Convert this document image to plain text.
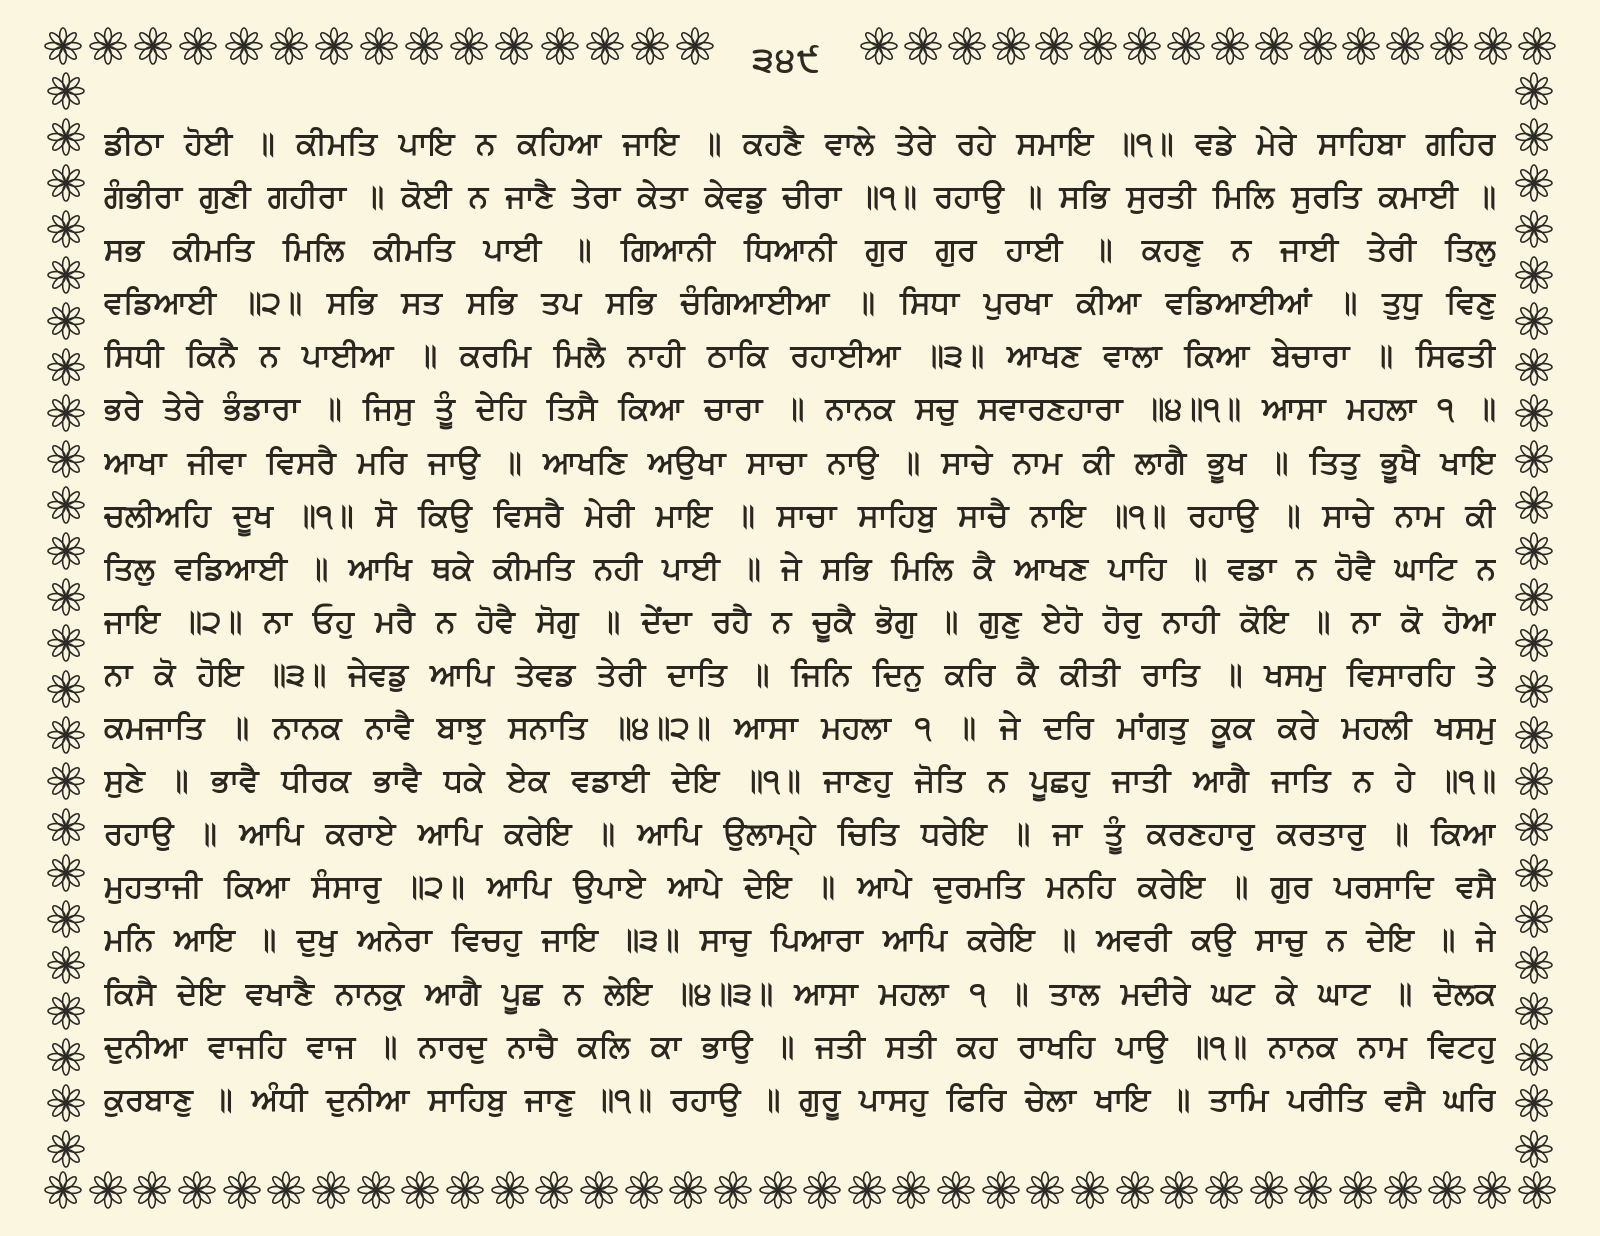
੩੪੯
ਡੀਠਾ ਹੋਈ ॥ ਕੀਮਤਿ ਪਾਇ ਨ ਕਹਿਆ ਜਾਇ ॥ ਕਹਣੈ ਵਾਲੇ ਤੇਰੇ ਰਹੇ ਸਮਾਇ ॥੧॥ ਵਡੇ ਮੇਰੇ ਸਾਹਿਬਾ ਗਹਿਰ
ਗੰਭੀਰਾ ਗੁਣੀ ਗਹੀਰਾ ॥ ਕੋਈ ਨ ਜਾਣੈ ਤੇਰਾ ਕੇਤਾ ਕੇਵਡੁ ਚੀਰਾ ॥੧॥ ਰਹਾਉ ॥ ਸਭਿ ਸੁਰਤੀ ਮਿਲਿ ਸੁਰਤਿ ਕਮਾਈ ॥
ਸਭ ਕੀਮਤਿ ਮਿਲਿ ਕੀਮਤਿ ਪਾਈ ॥ ਗਿਆਨੀ ਧਿਆਨੀ ਗੁਰ ਗੁਰ ਹਾਈ ॥ ਕਹਣੁ ਨ ਜਾਈ ਤੇਰੀ ਤਿਲੁ
ਵਡਿਆਈ ॥੨॥ ਸਭਿ ਸਤ ਸਭਿ ਤਪ ਸਭਿ ਚੰਗਿਆਈਆ ॥ ਸਿਧਾ ਪੁਰਖਾ ਕੀਆ ਵਡਿਆਈਆਂ ॥ ਤੁਧੁ ਵਿਣੁ
ਸਿਧੀ ਕਿਨੈ ਨ ਪਾਈਆ ॥ ਕਰਮਿ ਮਿਲੈ ਨਾਹੀ ਠਾਕਿ ਰਹਾਈਆ ॥੩॥ ਆਖਣ ਵਾਲਾ ਕਿਆ ਬੇਚਾਰਾ ॥ ਸਿਫਤੀ
ਭਰੇ ਤੇਰੇ ਭੰਡਾਰਾ ॥ ਜਿਸੁ ਤੂੰ ਦੇਹਿ ਤਿਸੈ ਕਿਆ ਚਾਰਾ ॥ ਨਾਨਕ ਸਚੁ ਸਵਾਰਣਹਾਰਾ ॥੪॥੧॥ ਆਸਾ ਮਹਲਾ ੧ ॥
ਆਖਾ ਜੀਵਾ ਵਿਸਰੈ ਮਰਿ ਜਾਉ ॥ ਆਖਣਿ ਅਉਖਾ ਸਾਚਾ ਨਾਉ ॥ ਸਾਚੇ ਨਾਮ ਕੀ ਲਾਗੈ ਭੂਖ ॥ ਤਿਤੁ ਭੂਖੈ ਖਾਇ
ਚਲੀਅਹਿ ਦੂਖ ॥੧॥ ਸੋ ਕਿਉ ਵਿਸਰੈ ਮੇਰੀ ਮਾਇ ॥ ਸਾਚਾ ਸਾਹਿਬੁ ਸਾਚੈ ਨਾਇ ॥੧॥ ਰਹਾਉ ॥ ਸਾਚੇ ਨਾਮ ਕੀ
ਤਿਲੁ ਵਡਿਆਈ ॥ ਆਖਿ ਥਕੇ ਕੀਮਤਿ ਨਹੀ ਪਾਈ ॥ ਜੇ ਸਭਿ ਮਿਲਿ ਕੈ ਆਖਣ ਪਾਹਿ ॥ ਵਡਾ ਨ ਹੋਵੈ ਘਾਟਿ ਨ
ਜਾਇ ॥੨॥ ਨਾ ਓਹੁ ਮਰੈ ਨ ਹੋਵੈ ਸੋਗੁ ॥ ਦੇਂਦਾ ਰਹੈ ਨ ਚੂਕੈ ਭੋਗੁ ॥ ਗੁਣੁ ਏਹੋ ਹੋਰੁ ਨਾਹੀ ਕੋਇ ॥ ਨਾ ਕੋ ਹੋਆ
ਨਾ ਕੋ ਹੋਇ ॥੩॥ ਜੇਵਡੁ ਆਪਿ ਤੇਵਡ ਤੇਰੀ ਦਾਤਿ ॥ ਜਿਨਿ ਦਿਨੁ ਕਰਿ ਕੈ ਕੀਤੀ ਰਾਤਿ ॥ ਖਸਮੁ ਵਿਸਾਰਹਿ ਤੇ
ਕਮਜਾਤਿ ॥ ਨਾਨਕ ਨਾਵੈ ਬਾਝੁ ਸਨਾਤਿ ॥੪॥੨॥ ਆਸਾ ਮਹਲਾ ੧ ॥ ਜੇ ਦਰਿ ਮਾਂਗਤੁ ਕੂਕ ਕਰੇ ਮਹਲੀ ਖਸਮੁ
ਸੁਣੇ ॥ ਭਾਵੈ ਧੀਰਕ ਭਾਵੈ ਧਕੇ ਏਕ ਵਡਾਈ ਦੇਇ ॥੧॥ ਜਾਣਹੁ ਜੋਤਿ ਨ ਪੂਛਹੁ ਜਾਤੀ ਆਗੈ ਜਾਤਿ ਨ ਹੇ ॥੧॥
ਰਹਾਉ ॥ ਆਪਿ ਕਰਾਏ ਆਪਿ ਕਰੇਇ ॥ ਆਪਿ ਉਲਾਮ੍ਹੇ ਚਿਤਿ ਧਰੇਇ ॥ ਜਾ ਤੂੰ ਕਰਣਹਾਰੁ ਕਰਤਾਰੁ ॥ ਕਿਆ
ਮੁਹਤਾਜੀ ਕਿਆ ਸੰਸਾਰੁ ॥੨॥ ਆਪਿ ਉਪਾਏ ਆਪੇ ਦੇਇ ॥ ਆਪੇ ਦੁਰਮਤਿ ਮਨਹਿ ਕਰੇਇ ॥ ਗੁਰ ਪਰਸਾਦਿ ਵਸੈ
ਮਨਿ ਆਇ ॥ ਦੁਖੁ ਅਨੇਰਾ ਵਿਚਹੁ ਜਾਇ ॥੩॥ ਸਾਚੁ ਪਿਆਰਾ ਆਪਿ ਕਰੇਇ ॥ ਅਵਰੀ ਕਉ ਸਾਚੁ ਨ ਦੇਇ ॥ ਜੇ
ਕਿਸੈ ਦੇਇ ਵਖਾਣੈ ਨਾਨਕੁ ਆਗੈ ਪੂਛ ਨ ਲੇਇ ॥੪॥੩॥ ਆਸਾ ਮਹਲਾ ੧ ॥ ਤਾਲ ਮਦੀਰੇ ਘਟ ਕੇ ਘਾਟ ॥ ਦੋਲਕ
ਦੁਨੀਆ ਵਾਜਹਿ ਵਾਜ ॥ ਨਾਰਦੁ ਨਾਚੈ ਕਲਿ ਕਾ ਭਾਉ ॥ ਜਤੀ ਸਤੀ ਕਹ ਰਾਖਹਿ ਪਾਉ ॥੧॥ ਨਾਨਕ ਨਾਮ ਵਿਟਹੁ
ਕੁਰਬਾਣੁ ॥ ਅੰਧੀ ਦੁਨੀਆ ਸਾਹਿਬੁ ਜਾਣੁ ॥੧॥ ਰਹਾਉ ॥ ਗੁਰੂ ਪਾਸਹੁ ਫਿਰਿ ਚੇਲਾ ਖਾਇ ॥ ਤਾਮਿ ਪਰੀਤਿ ਵਸੈ ਘਰਿ
